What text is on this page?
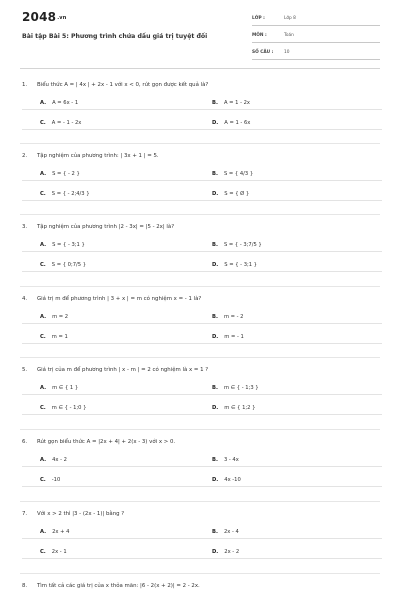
$2048^{.vn}$
Bài tập Bài 5: Phương trình chứa dấu giá trị tuyệt đối
LỚP :	Lớp 8
MÔN :	Toán
SỐ CÂU : 10
1. Biểu thức A = | 4x | + 2x - 1 với x < 0, rút gọn được kết quả là?
A. A = 6x - 1	B. A = 1 - 2x
C. A = - 1 - 2x	D. A = 1 - 6x
2. Tập nghiệm của phương trình: | 3x + 1 | = 5.
A. S = { - 2 }	B. S = { 4/3 }
C. S = { - 2;4/3 }	D. S = { Ø }
3. Tập nghiệm của phương trình |2 - 3x| = |5 - 2x| là?
A. S = { - 3;1 }	B. S = { - 3;7/5 }
C. S = { 0;7/5 }	D. S = { - 3;1 }
4. Giá trị m để phương trình | 3 + x | = m có nghiệm x = - 1 là?
A. m = 2	B. m = - 2
C. m = 1	D. m = - 1
5. Giá trị của m để phương trình | x - m | = 2 có nghiệm là x = 1 ?
A. m ∈ { 1 }	B. m ∈ { - 1;3 }
C. m ∈ { - 1;0 }	D. m ∈ { 1;2 }
6. Rút gọn biểu thức A = |2x + 4| + 2(x - 3) với x > 0.
A. 4x - 2	B. 3 - 4x
C. -10	D. 4x -10
7. Với x > 2 thì |3 - (2x - 1)| bằng ?
A. 2x + 4	B. 2x - 4
C. 2x - 1	D. 2x - 2
8. Tìm tất cả các giá trị của x thỏa mãn: |6 - 2(x + 2)| = 2 - 2x.
